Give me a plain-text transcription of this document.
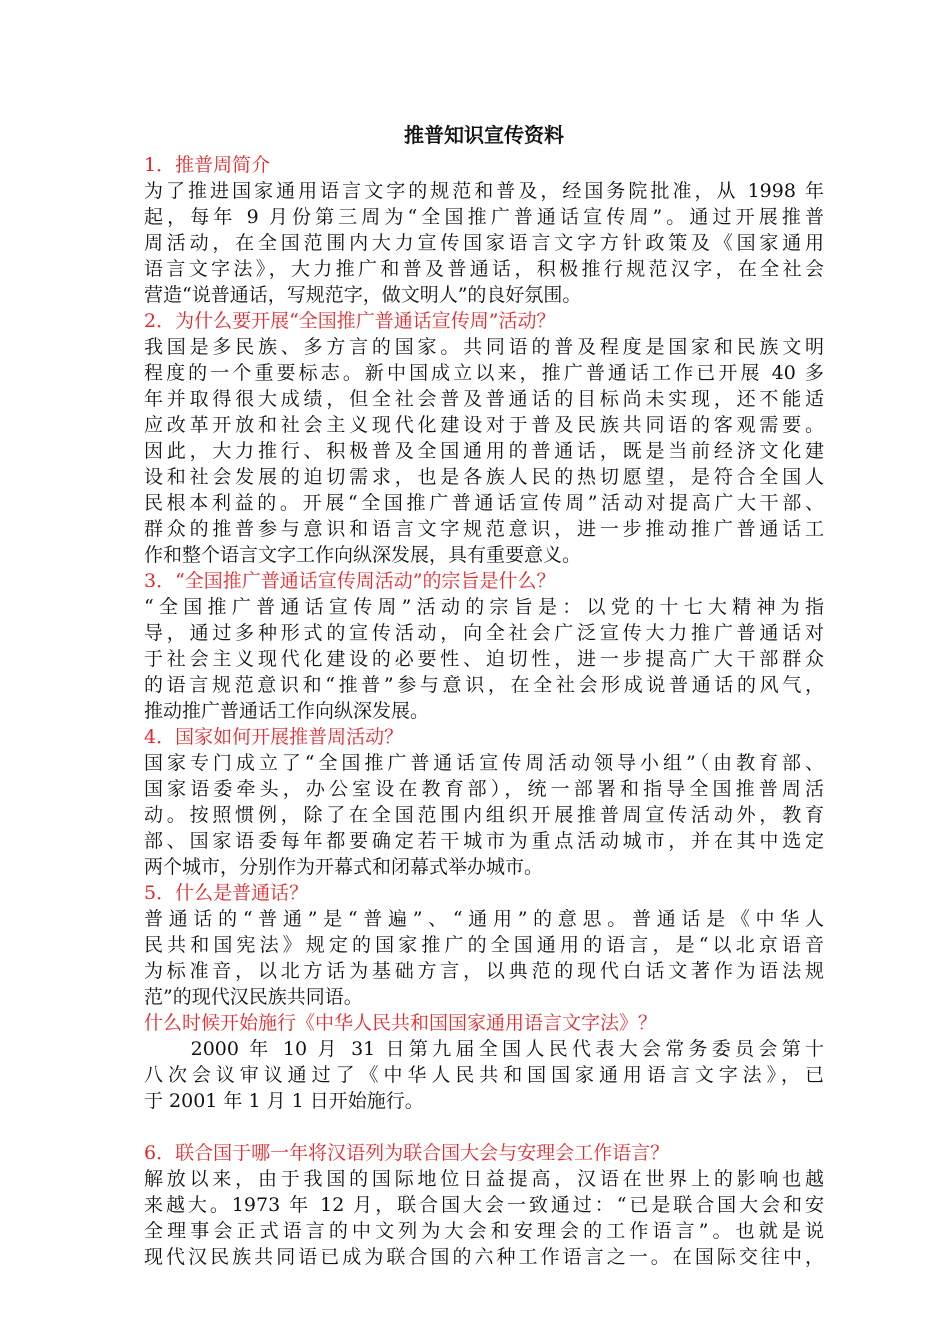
推普知识宣传资料
1．推普周简介
为了推进国家通用语言文字的规范和普及，经国务院批准，从 1998 年
起，每年 9 月份第三周为“全国推广普通话宣传周”。通过开展推普
周活动，在全国范围内大力宣传国家语言文字方针政策及《国家通用
语言文字法》，大力推广和普及普通话，积极推行规范汉字，在全社会
营造“说普通话，写规范字，做文明人”的良好氛围。
2．为什么要开展“全国推广普通话宣传周”活动？
我国是多民族、多方言的国家。共同语的普及程度是国家和民族文明
程度的一个重要标志。新中国成立以来，推广普通话工作已开展 40 多
年并取得很大成绩，但全社会普及普通话的目标尚未实现，还不能适
应改革开放和社会主义现代化建设对于普及民族共同语的客观需要。
因此，大力推行、积极普及全国通用的普通话，既是当前经济文化建
设和社会发展的迫切需求，也是各族人民的热切愿望，是符合全国人
民根本利益的。开展“全国推广普通话宣传周”活动对提高广大干部、
群众的推普参与意识和语言文字规范意识，进一步推动推广普通话工
作和整个语言文字工作向纵深发展，具有重要意义。
3．“全国推广普通话宣传周活动”的宗旨是什么？
“全国推广普通话宣传周”活动的宗旨是：以党的十七大精神为指
导，通过多种形式的宣传活动，向全社会广泛宣传大力推广普通话对
于社会主义现代化建设的必要性、迫切性，进一步提高广大干部群众
的语言规范意识和“推普”参与意识，在全社会形成说普通话的风气，
推动推广普通话工作向纵深发展。
4．国家如何开展推普周活动？
国家专门成立了“全国推广普通话宣传周活动领导小组”（由教育部、
国家语委牵头，办公室设在教育部），统一部署和指导全国推普周活
动。按照惯例，除了在全国范围内组织开展推普周宣传活动外，教育
部、国家语委每年都要确定若干城市为重点活动城市，并在其中选定
两个城市，分别作为开幕式和闭幕式举办城市。
5．什么是普通话？
普通话的“普通”是“普遍”、“通用”的意思。普通话是《中华人
民共和国宪法》规定的国家推广的全国通用的语言，是“以北京语音
为标准音，以北方话为基础方言，以典范的现代白话文著作为语法规
范”的现代汉民族共同语。
什么时候开始施行《中华人民共和国国家通用语言文字法》？
　　2000 年 10 月 31 日第九届全国人民代表大会常务委员会第十
八次会议审议通过了《中华人民共和国国家通用语言文字法》，已
于 2001 年 1 月 1 日开始施行。
6．联合国于哪一年将汉语列为联合国大会与安理会工作语言？
解放以来，由于我国的国际地位日益提高，汉语在世界上的影响也越
来越大。1973 年 12 月，联合国大会一致通过：“已是联合国大会和安
全理事会正式语言的中文列为大会和安理会的工作语言”。也就是说
现代汉民族共同语已成为联合国的六种工作语言之一。在国际交往中，
